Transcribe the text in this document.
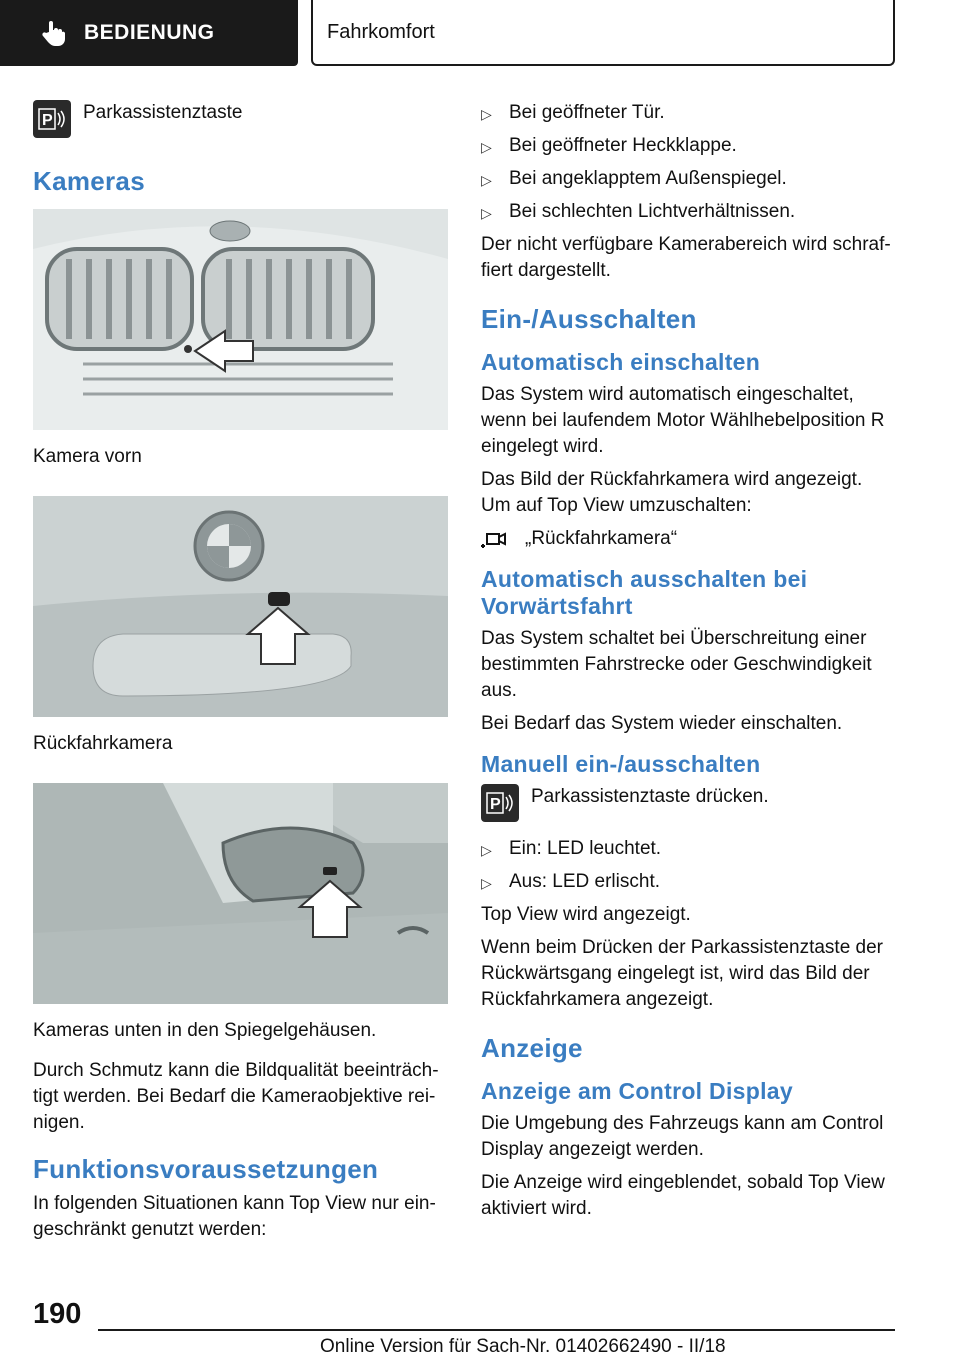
BEDIENUNG	Fahrkomfort
P Parkassistenztaste
Kameras

Kamera vorn

Rückfahrkamera

Kameras unten in den Spiegelgehäusen.

Durch Schmutz kann die Bildqualität beeinträchtigt werden. Bei Bedarf die Kameraobjektive reinigen.

Funktionsvoraussetzungen

In folgenden Situationen kann Top View nur eingeschränkt genutzt werden:

▷ Bei geöffneter Tür.
▷ Bei geöffneter Heckklappe.
▷ Bei angeklapptem Außenspiegel.
▷ Bei schlechten Lichtverhältnissen.

Der nicht verfügbare Kamerabereich wird schraffiert dargestellt.

Ein-/Ausschalten
Automatisch einschalten

Das System wird automatisch eingeschaltet, wenn bei laufendem Motor Wählhebelposition R eingelegt wird.

Das Bild der Rückfahrkamera wird angezeigt. Um auf Top View umzuschalten:

„Rückfahrkamera“
Automatisch ausschalten bei Vorwärtsfahrt

Das System schaltet bei Überschreitung einer bestimmten Fahrstrecke oder Geschwindigkeit aus.

Bei Bedarf das System wieder einschalten.

Manuell ein-/ausschalten
P Parkassistenztaste drücken.
▷ Ein: LED leuchtet.
▷ Aus: LED erlischt.

Top View wird angezeigt.

Wenn beim Drücken der Parkassistenztaste der Rückwärtsgang eingelegt ist, wird das Bild der Rückfahrkamera angezeigt.

Anzeige
Anzeige am Control Display

Die Umgebung des Fahrzeugs kann am Control Display angezeigt werden.

Die Anzeige wird eingeblendet, sobald Top View aktiviert wird.

190
Online Version für Sach-Nr. 01402662490 - II/18
